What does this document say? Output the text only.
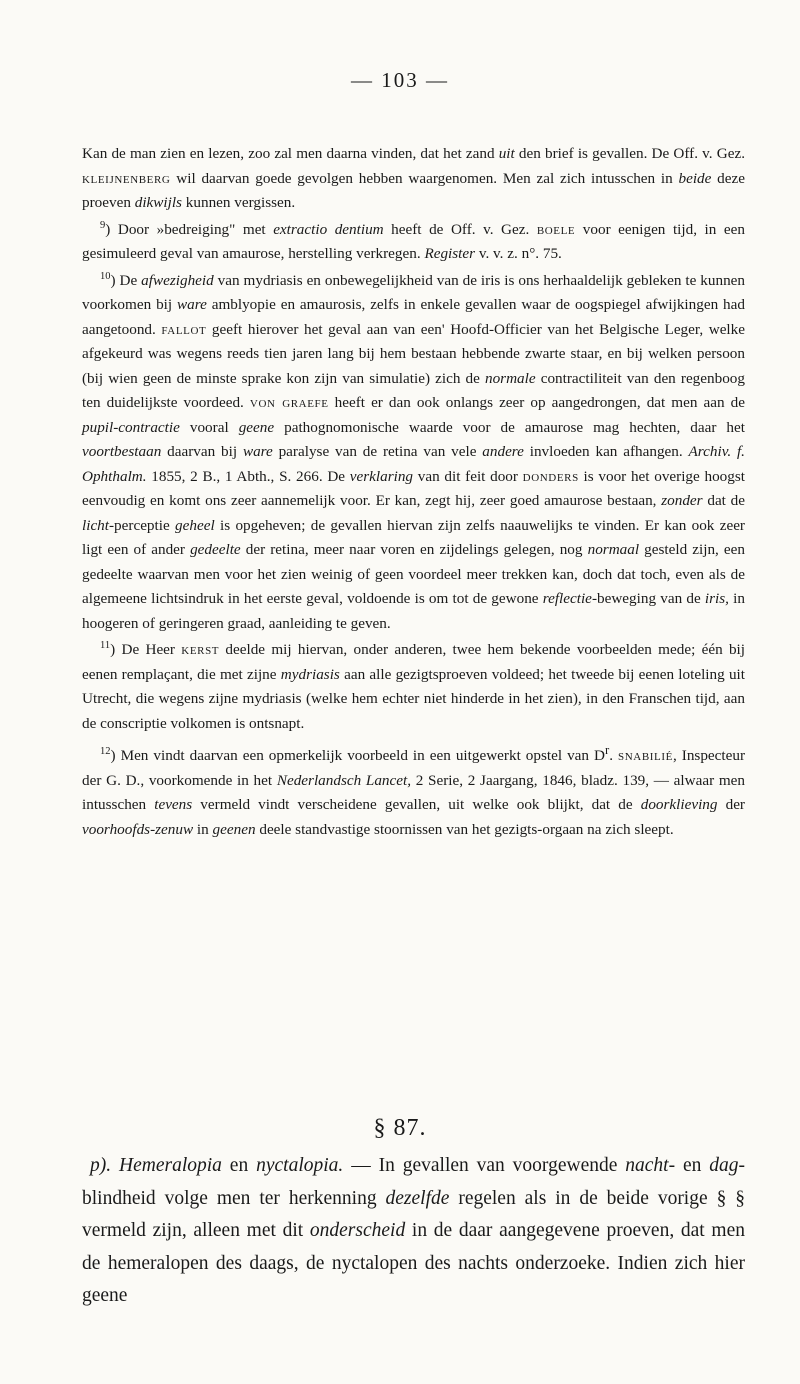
— 103 —

Kan de man zien en lezen, zoo zal men daarna vinden, dat het zand uit den brief is gevallen. De Off. v. Gez. kleijnenberg wil daarvan goede gevolgen hebben waargenomen. Men zal zich intusschen in beide deze proeven dikwijls kunnen vergissen.

$^9$) Door »bedreiging" met extractio dentium heeft de Off. v. Gez. boele voor eenigen tijd, in een gesimuleerd geval van amaurose, herstelling verkregen. Register v. v. z. n°. 75.

$^{10}$) De afwezigheid van mydriasis en onbewegelijkheid van de iris is ons herhaaldelijk gebleken te kunnen voorkomen bij ware amblyopie en amaurosis, zelfs in enkele gevallen waar de oogspiegel afwijkingen had aangetoond. fallot geeft hierover het geval aan van een' Hoofd-Officier van het Belgische Leger, welke afgekeurd was wegens reeds tien jaren lang bij hem bestaan hebbende zwarte staar, en bij welken persoon (bij wien geen de minste sprake kon zijn van simulatie) zich de normale contractiliteit van den regenboog ten duidelijkste voordeed. von graefe heeft er dan ook onlangs zeer op aangedrongen, dat men aan de pupil-contractie vooral geene pathognomonische waarde voor de amaurose mag hechten, daar het voortbestaan daarvan bij ware paralyse van de retina van vele andere invloeden kan afhangen. Archiv. f. Ophthalm. 1855, 2 B., 1 Abth., S. 266. De verklaring van dit feit door donders is voor het overige hoogst eenvoudig en komt ons zeer aannemelijk voor. Er kan, zegt hij, zeer goed amaurose bestaan, zonder dat de licht-perceptie geheel is opgeheven; de gevallen hiervan zijn zelfs naauwelijks te vinden. Er kan ook zeer ligt een of ander gedeelte der retina, meer naar voren en zijdelings gelegen, nog normaal gesteld zijn, een gedeelte waarvan men voor het zien weinig of geen voordeel meer trekken kan, doch dat toch, even als de algemeene lichtsindruk in het eerste geval, voldoende is om tot de gewone reflectie-beweging van de iris, in hoogeren of geringeren graad, aanleiding te geven.

$^{11}$) De Heer kerst deelde mij hiervan, onder anderen, twee hem bekende voorbeelden mede; één bij eenen remplaçant, die met zijne mydriasis aan alle gezigtsproeven voldeed; het tweede bij eenen loteling uit Utrecht, die wegens zijne mydriasis (welke hem echter niet hinderde in het zien), in den Franschen tijd, aan de conscriptie volkomen is ontsnapt.

$^{12}$) Men vindt daarvan een opmerkelijk voorbeeld in een uitgewerkt opstel van $D^r$. snabilié, Inspecteur der G. D., voorkomende in het Nederlandsch Lancet, 2 Serie, 2 Jaargang, 1846, bladz. 139, — alwaar men intusschen tevens vermeld vindt verscheidene gevallen, uit welke ook blijkt, dat de doorklieving der voorhoofds-zenuw in geenen deele standvastige stoornissen van het gezigts-orgaan na zich sleept.

§ 87.

p). Hemeralopia en nyctalopia. — In gevallen van voorgewende nacht- en dag-blindheid volge men ter herkenning dezelfde regelen als in de beide vorige § § vermeld zijn, alleen met dit onderscheid in de daar aangegevene proeven, dat men de hemeralopen des daags, de nyctalopen des nachts onderzoeke. Indien zich hier geene
